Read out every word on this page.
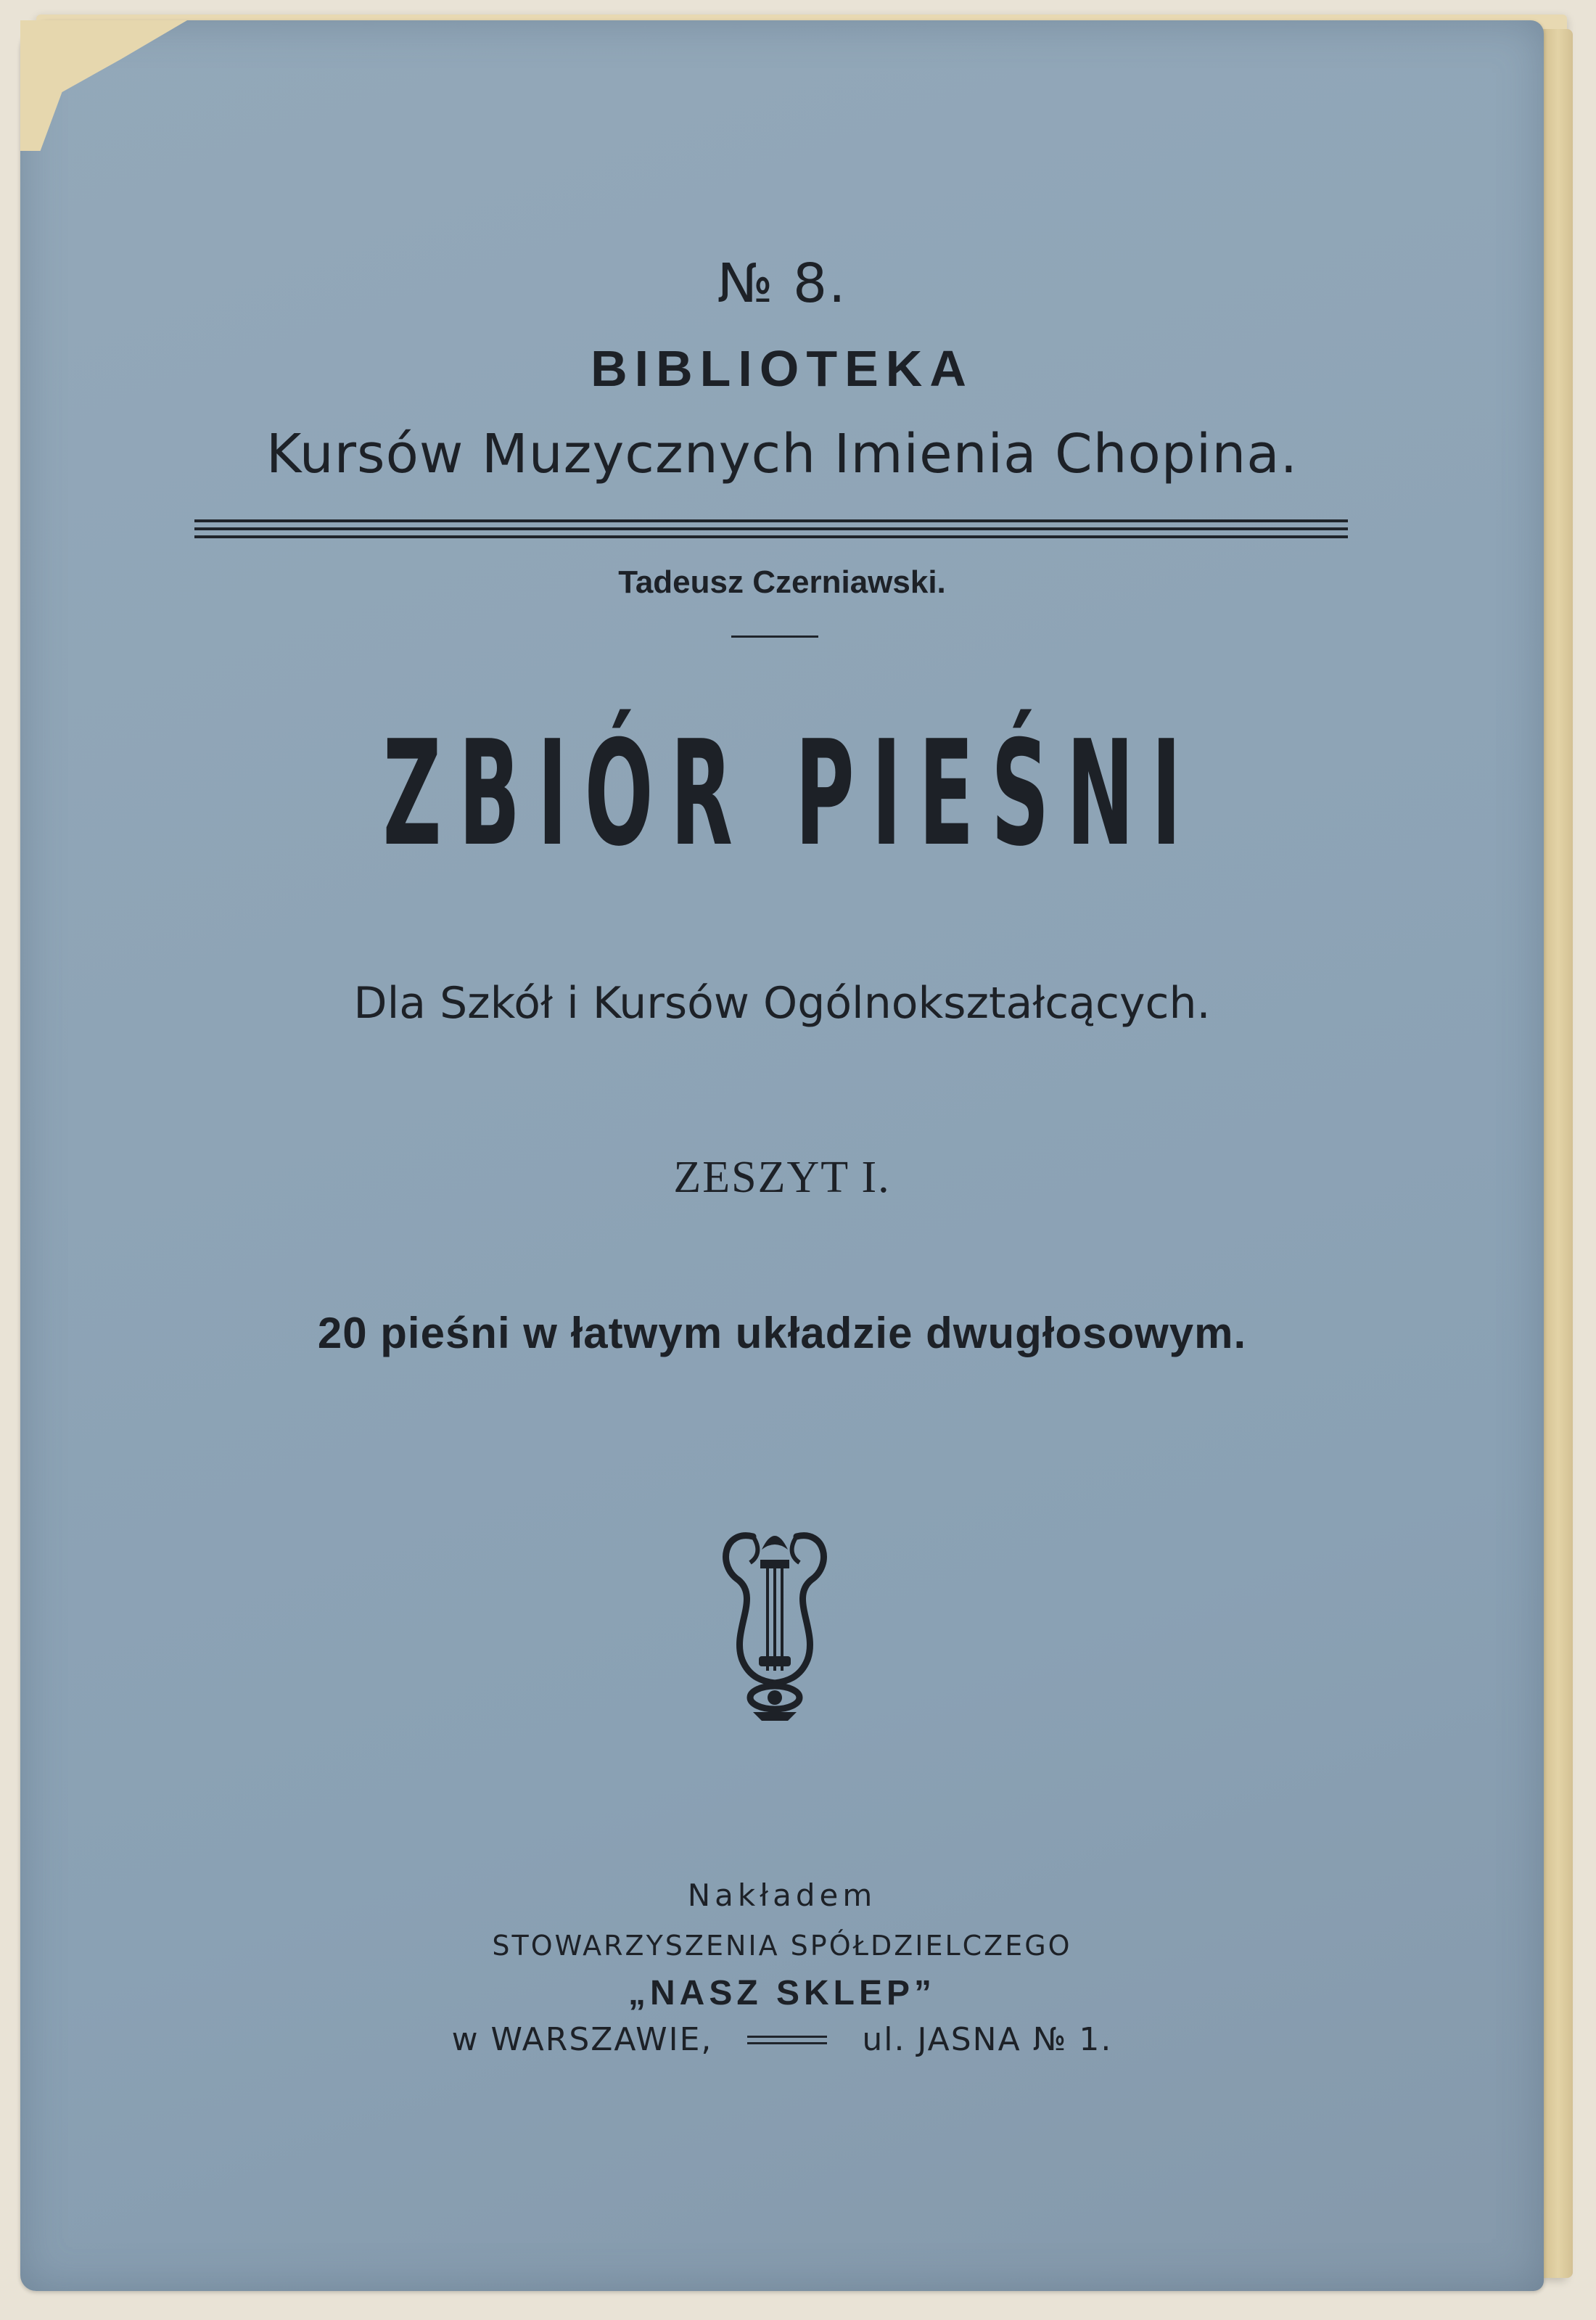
№ 8.
BIBLIOTEKA
Kursów Muzycznych Imienia Chopina.
Tadeusz Czerniawski.
ZBIÓR PIEŚNI
Dla Szkół i Kursów Ogólnokształcących.
ZESZYT I.
20 pieśni w łatwym układzie dwugłosowym.
Nakładem
STOWARZYSZENIA SPÓŁDZIELCZEGO
„NASZ SKLEP”
w WARSZAWIE,	ul. JASNA № 1.
